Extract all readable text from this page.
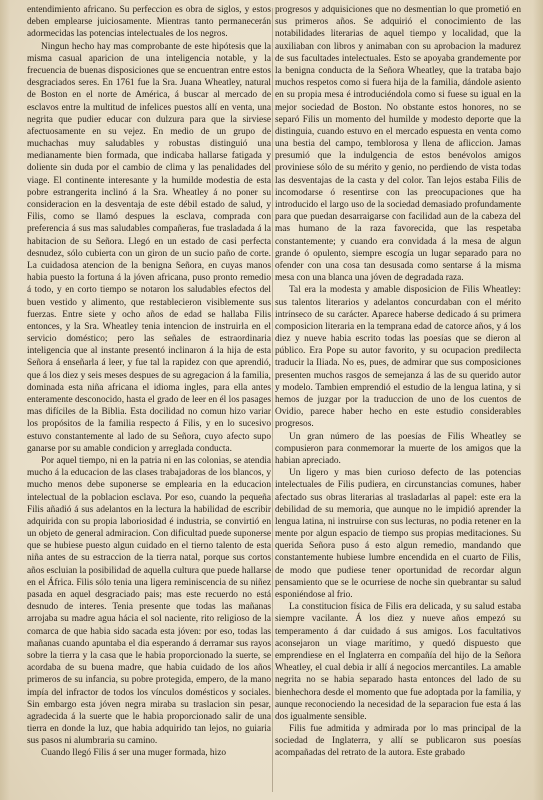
entendimiento africano. Su perfeccion es obra de siglos, y estos deben emplearse juiciosamente. Mientras tanto permanecerán adormecidas las potencias intelectuales de los negros.

Ningun hecho hay mas comprobante de este hipótesis que la misma casual aparicion de una inteligencia notable, y la frecuencia de buenas disposiciones que se encuentran entre estos desgraciados seres. En 1761 fue la Sra. Juana Wheatley, natural de Boston en el norte de América, á buscar al mercado de esclavos entre la multitud de infelices puestos allí en venta, una negrita que pudier educar con dulzura para que la sirviese afectuosamente en su vejez. En medio de un grupo de muchachas muy saludables y robustas distinguió una medianamente bien formada, que indicaba hallarse fatigada y doliente sin duda por el cambio de clima y las penalidades del viage. El continente interesante y la humilde modestia de esta pobre estrangerita inclinó á la Sra. Wheatley á no poner su consideracion en la desventaja de este débil estado de salud, y Filis, como se llamó despues la esclava, comprada con preferencia á sus mas saludables compañeras, fue trasladada á la habitacion de su Señora. Llegó en un estado de casi perfecta desnudez, sólo cubierta con un giron de un sucio paño de corte. La cuidadosa atencion de la benigna Señora, en cuyas manos habia puesto la fortuna á la jóven africana, puso pronto remedio á todo, y en corto tiempo se notaron los saludables efectos del buen vestido y alimento, que restablecieron visiblemente sus fuerzas. Entre siete y ocho años de edad se hallaba Filis entonces, y la Sra. Wheatley tenia intencion de instruirla en el servicio doméstico; pero las señales de estraordinaria inteligencia que al instante presentó inclinaron á la hija de esta Señora á enseñarla á leer, y fue tal la rapidez con que aprendió, que á los diez y seis meses despues de su agregacion á la familia, dominada esta niña africana el idioma ingles, para ella antes enteramente desconocido, hasta el grado de leer en él los pasages mas difíciles de la Biblia. Esta docilidad no comun hizo variar los propósitos de la familia respecto á Filis, y en lo sucesivo estuvo constantemente al lado de su Señora, cuyo afecto supo ganarse por su amable condicion y arreglada conducta.

Por aquel tiempo, ni en la patria ni en las colonias, se atendia mucho á la educacion de las clases trabajadoras de los blancos, y mucho menos debe suponerse se emplearia en la educacion intelectual de la poblacion esclava. Por eso, cuando la pequeña Filis añadió á sus adelantos en la lectura la habilidad de escribir adquirida con su propia laboriosidad é industria, se convirtió en un objeto de general admiracion. Con dificultad puede suponerse que se hubiese puesto algun cuidado en el tierno talento de esta niña antes de su estraccion de la tierra natal, porque sus cortos años escluian la posibilidad de aquella cultura que puede hallarse en el África. Filis sólo tenia una ligera reminiscencia de su niñez pasada en aquel desgraciado pais; mas este recuerdo no está desnudo de interes. Tenia presente que todas las mañanas arrojaba su madre agua hácia el sol naciente, rito religioso de la comarca de que habia sido sacada esta jóven: por eso, todas las mañanas cuando apuntaba el dia esperando á derramar sus rayos sobre la tierra y la casa que le habia proporcionado la suerte, se acordaba de su buena madre, que habia cuidado de los años primeros de su infancia, su pobre protegida, empero, de la mano impía del infractor de todos los vínculos domésticos y sociales. Sin embargo esta jóven negra miraba su traslacion sin pesar, agradecida á la suerte que le habia proporcionado salir de una tierra en donde la luz, que habia adquirido tan lejos, no guiaria sus pasos ni alumbraria su camino.

Cuando llegó Filis á ser una muger formada, hizo

progresos y adquisiciones que no desmentian lo que prometió en sus primeros años. Se adquirió el conocimiento de las notabilidades literarias de aquel tiempo y localidad, que la auxiliaban con libros y animaban con su aprobacion la madurez de sus facultades intelectuales. Esto se apoyaba grandemente por la benigna conducta de la Señora Wheatley, que la trataba bajo muchos respetos como si fuera hija de la familia, dándole asiento en su propia mesa é introduciéndola como si fuese su igual en la mejor sociedad de Boston. No obstante estos honores, no se separó Filis un momento del humilde y modesto deporte que la distinguia, cuando estuvo en el mercado espuesta en venta como una bestia del campo, temblorosa y llena de afliccion. Jamas presumió que la indulgencia de estos benévolos amigos proviniese sólo de su mérito y genio, no perdiendo de vista todas las desventajas de la casta y del color. Tan lejos estaba Filis de incomodarse ó resentirse con las preocupaciones que ha introducido el largo uso de la sociedad demasiado profundamente para que puedan desarraigarse con facilidad aun de la cabeza del mas humano de la raza favorecida, que las respetaba constantemente; y cuando era convidada á la mesa de algun grande ó opulento, siempre escogía un lugar separado para no ofender con una cosa tan desusada como sentarse á la misma mesa con una blanca una jóven de degradada raza.

Tal era la modesta y amable disposicion de Filis Wheatley: sus talentos literarios y adelantos concurdaban con el mérito intrínseco de su carácter. Aparece haberse dedicado á su primera composicion literaria en la temprana edad de catorce años, y á los diez y nueve habia escrito todas las poesías que se dieron al público. Era Pope su autor favorito, y su ocupacion predilecta traducir la Iliada. No es, pues, de admirar que sus composiciones presenten muchos rasgos de semejanza á las de su querido autor y modelo. Tambien emprendió el estudio de la lengua latina, y si hemos de juzgar por la traduccion de uno de los cuentos de Ovidio, parece haber hecho en este estudio considerables progresos.

Un gran número de las poesías de Filis Wheatley se compusieron para conmemorar la muerte de los amigos que la habian apreciado.

Un ligero y mas bien curioso defecto de las potencias intelectuales de Filis pudiera, en circunstancias comunes, haber afectado sus obras literarias al trasladarlas al papel: este era la debilidad de su memoria, que aunque no le impidió aprender la lengua latina, ni instruirse con sus lecturas, no podia retener en la mente por algun espacio de tiempo sus propias meditaciones. Su querida Señora puso á esto algun remedio, mandando que constantemente hubiese lumbre encendida en el cuarto de Filis, de modo que pudiese tener oportunidad de recordar algun pensamiento que se le ocurriese de noche sin quebrantar su salud esponiéndose al frio.

La constitucion física de Filis era delicada, y su salud estaba siempre vacilante. Á los diez y nueve años empezó su temperamento á dar cuidado á sus amigos. Los facultativos aconsejaron un viage marítimo, y quedó dispuesto que emprendiese en el Inglaterra en compañía del hijo de la Señora Wheatley, el cual debia ir allí á negocios mercantiles. La amable negrita no se habia separado hasta entonces del lado de su bienhechora desde el momento que fue adoptada por la familia, y aunque reconociendo la necesidad de la separacion fue esta á las dos igualmente sensible.

Filis fue admitida y admirada por lo mas principal de la sociedad de Inglaterra, y allí se publicaron sus poesías acompañadas del retrato de la autora. Este grabado
